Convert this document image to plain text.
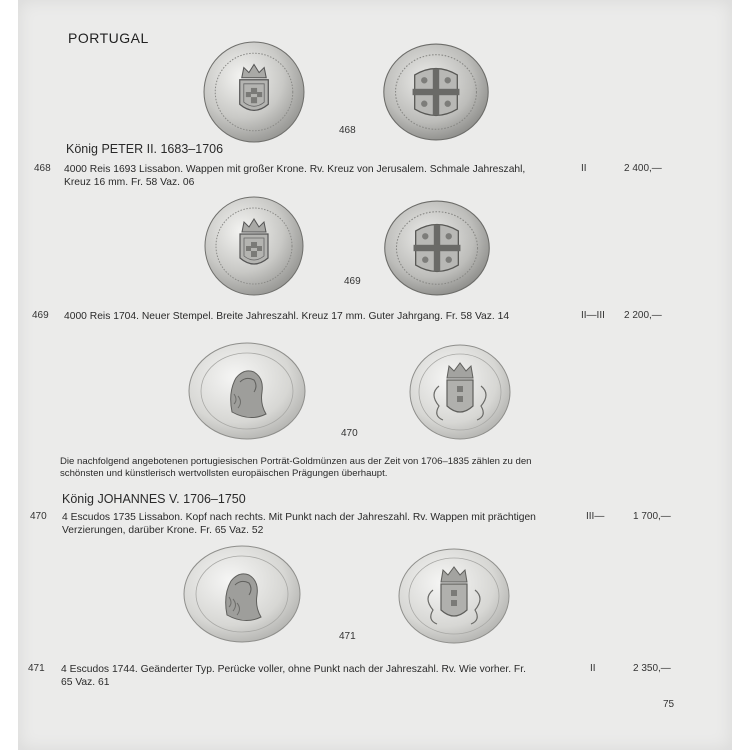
PORTUGAL
468
König PETER II. 1683–1706
468 4000 Reis 1693 Lissabon. Wappen mit großer Krone. Rv. Kreuz von Jerusalem. Schmale Jahreszahl, Kreuz 16 mm. Fr. 58 Vaz. 06
II	2 400,—
469
469 4000 Reis 1704. Neuer Stempel. Breite Jahreszahl. Kreuz 17 mm. Guter Jahrgang. Fr. 58 Vaz. 14	II—III 2 200,—
470
Die nachfolgend angebotenen portugiesischen Porträt-Goldmünzen aus der Zeit von 1706–1835 zählen zu den schönsten und künstlerisch wertvollsten europäischen Prägungen überhaupt.
König JOHANNES V. 1706–1750
470 4 Escudos 1735 Lissabon. Kopf nach rechts. Mit Punkt nach der Jahreszahl. Rv. Wappen mit prächtigen Verzierungen, darüber Krone. Fr. 65 Vaz. 52
III—	1 700,—
471
471 4 Escudos 1744. Geänderter Typ. Perücke voller, ohne Punkt nach der Jahreszahl. Rv. Wie vorher. Fr. 65 Vaz. 61
II	2 350,—
75
